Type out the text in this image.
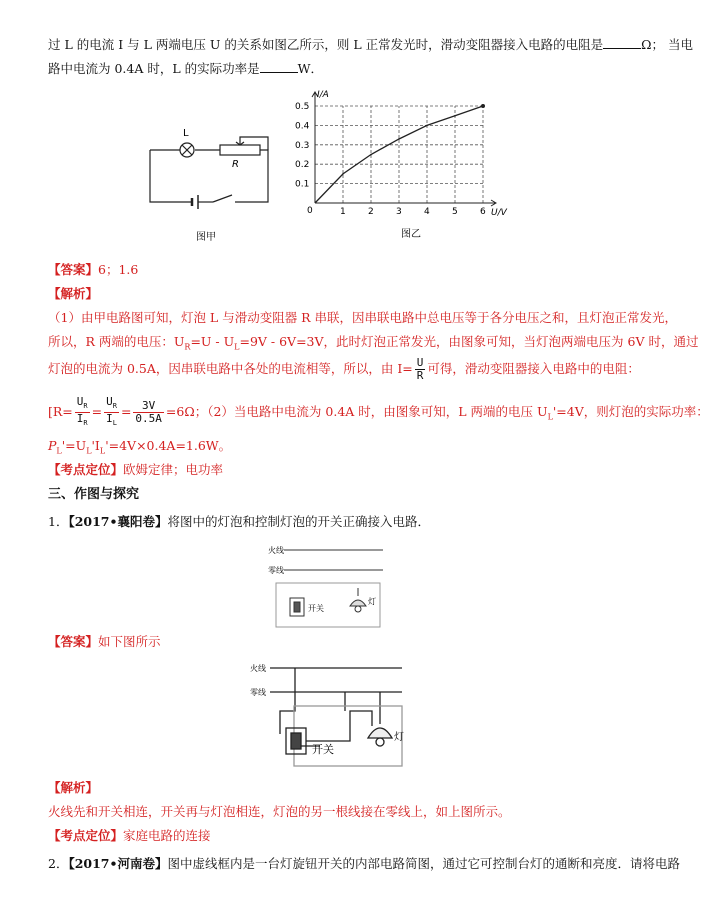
过 L 的电流 I 与 L 两端电压 U 的关系如图乙所示，则 L 正常发光时，滑动变阻器接入电路的电阻是	Ω； 当电
路中电流为 0.4A 时，L 的实际功率是	W．
L
R
图甲
1 2 3 4 5 6
0.1
0.2
0.3
0.4
0.5
I/A
U/V
0
图乙
【答案】6；1.6
【解析】
（1）由甲电路图可知，灯泡 L 与滑动变阻器 R 串联，因串联电路中总电压等于各分电压之和，且灯泡正常发光，
所以，R 两端的电压：$U_R=U - U_L=9V - 6V=3V$，此时灯泡正常发光，由图象可知，当灯泡两端电压为 6V 时，通过
灯泡的电流为 0.5A，因串联电路中各处的电流相等，所以，由 $I= \frac{U}{R}$ 可得，滑动变阻器接入电路中的电阻：
[$R= \frac{U_R}{I_R} = \frac{U_R}{I_L} = \frac{3V}{0.5A} =6\Omega$；（2）当电路中电流为 0.4A 时，由图象可知，L 两端的电压 $U_L'=4V$，则灯泡的实际功率：
$P_L'=U_L'I_L'=4V\times 0.4A=1.6W$。
【考点定位】欧姆定律；电功率
三、作图与探究
1．【2017•襄阳卷】将图中的灯泡和控制灯泡的开关正确接入电路．
火线
零线
开关
灯
【答案】如下图所示
火线
零线
开关
灯
【解析】
火线先和开关相连，开关再与灯泡相连，灯泡的另一根线接在零线上，如上图所示。
【考点定位】家庭电路的连接
2．【2017•河南卷】图中虚线框内是一台灯旋钮开关的内部电路简图，通过它可控制台灯的通断和亮度．请将电路
